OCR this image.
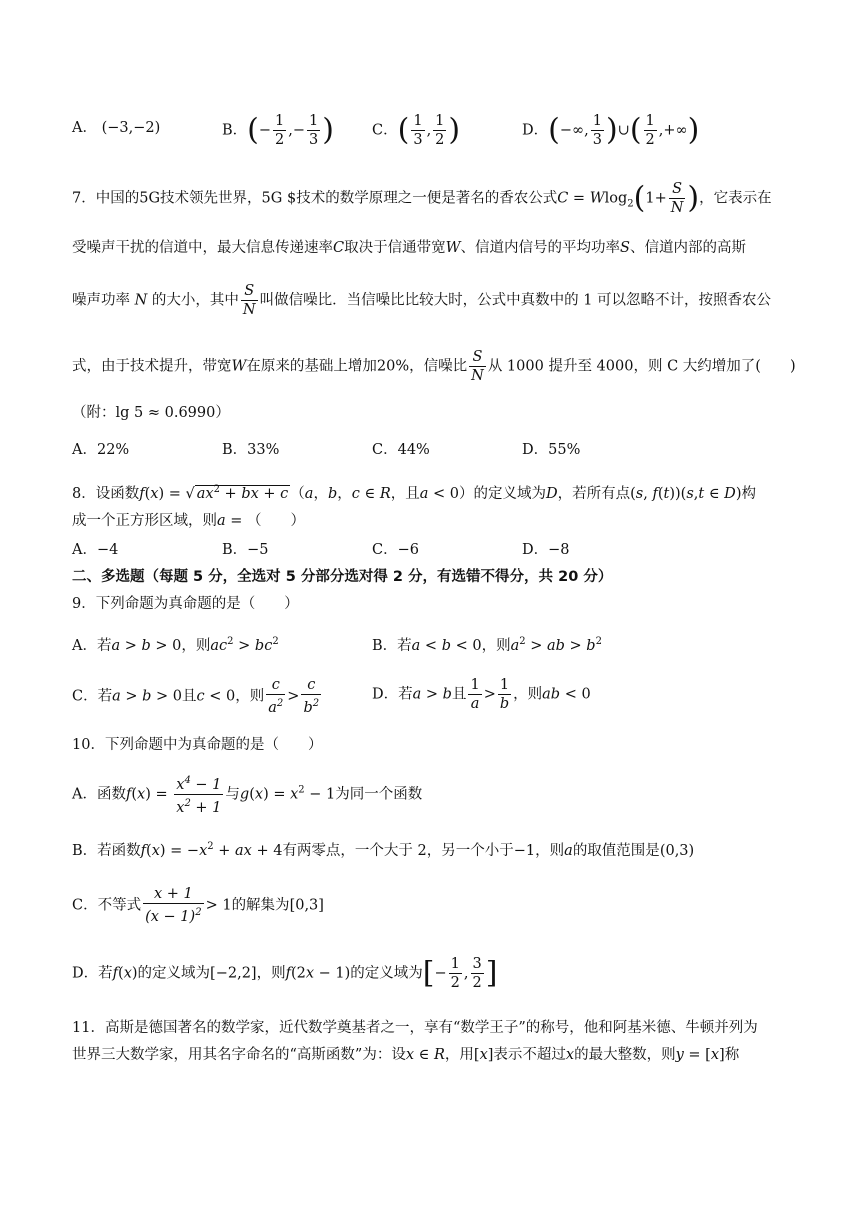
A． (−3,−2)	B．(− $\frac{1}{2}$ ,− $\frac{1}{3}$ )	C．( $\frac{1}{3}$ , $\frac{1}{2}$ )	D．(−∞, $\frac{1}{3}$ )∪( $\frac{1}{2}$ ,+∞)
7．中国的5G技术领先世界，5G $技术的数学原理之一便是著名的香农公式$C = Wlog_2(1+ \frac{S}{N}$ )，它表示在
受噪声干扰的信道中，最大信息传递速率C取决于信通带宽W、信道内信号的平均功率S、信道内部的高斯
噪声功率 N 的大小，其中 $\frac{S}{N}$ 叫做信噪比．当信噪比比较大时，公式中真数中的 1 可以忽略不计，按照香农公
式，由于技术提升，带宽W在原来的基础上增加20%，信噪比 $\frac{S}{N}$ 从 1000 提升至 4000，则 C 大约增加了(　　 )
（附：lg 5 ≈ 0.6990）
A．22%	B．33%	C．44%	D．55%
8．设函数f(x) = √ $ax^2$ + bx + c （a，b，c ∈ R，且a < 0）的定义域为D，若所有点(s, f(t))(s,t ∈ D)构
成一个正方形区域，则a = （　　）
A．−4	B．−5	C．−6	D．−8
二、多选题（每题 5 分，全选对 5 分部分选对得 2 分，有选错不得分，共 20 分）
9．下列命题为真命题的是（　　）
A．若a > b > 0，则$ac^2 > bc^2$	B．若a < b < 0，则$a^2$ > ab > $b^2$
C．若a > b > 0且c < 0，则 $\frac{c}{a^2} > \frac{c}{b^2}$	D．若a > b且 $\frac{1}{a} > \frac{1}{b}$ ，则ab < 0
10．下列命题中为真命题的是（　　）
A．函数$f(x) = \frac{x^4 - 1}{x^2 + 1}$ 与$g(x) = x^2 - 1$为同一个函数
B．若函数$f(x) = -x^2$ + ax + 4有两零点，一个大于 2，另一个小于−1，则a的取值范围是(0,3)
C．不等式 $\frac{x + 1}{(x - 1)^2} > 1$的解集为[0,3]
D．若f(x)的定义域为[−2,2]，则f(2x − 1)的定义域为[− $\frac{1}{2}$ , $\frac{3}{2}$ ]
11．高斯是德国著名的数学家，近代数学奠基者之一，享有“数学王子”的称号，他和阿基米德、牛顿并列为
世界三大数学家，用其名字命名的“高斯函数”为：设x ∈ R，用[x]表示不超过x的最大整数，则y = [x]称
